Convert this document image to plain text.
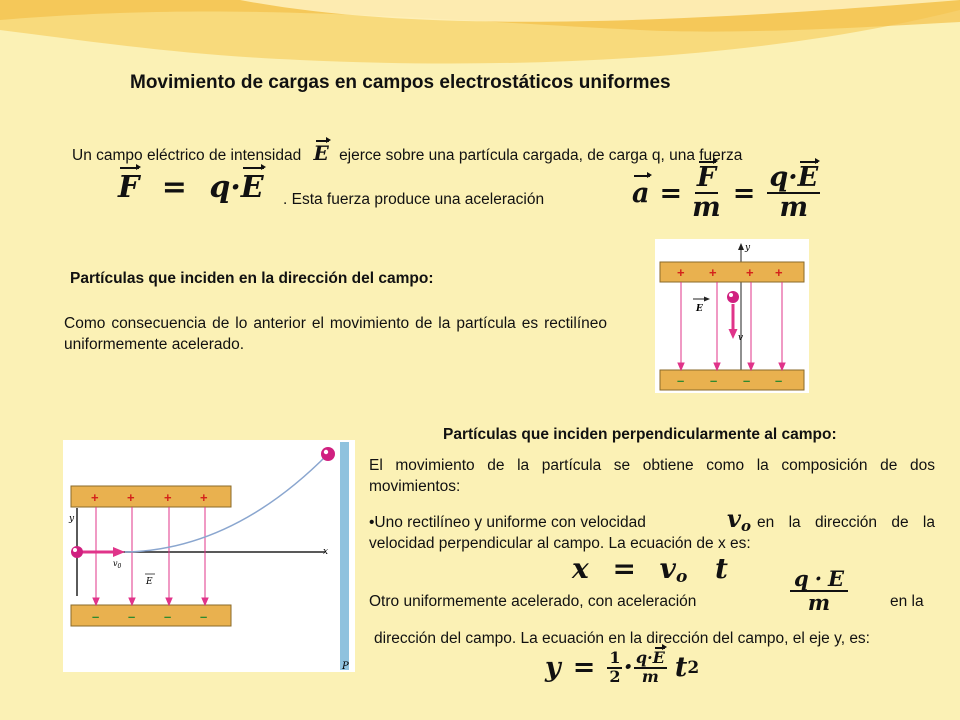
Movimiento de cargas en campos electrostáticos uniformes
Un campo eléctrico de intensidad E ejerce sobre una partícula cargada, de carga q, una fuerza
F = q·E . Esta fuerza produce una aceleración	$a = \frac{F}{m} = \frac{q\cdot E}{m}$
Partículas que inciden en la dirección del campo:
Como consecuencia de lo anterior el movimiento de la partícula es rectilíneo uniformemente acelerado.
y
+ + + +
– – – –
E
v
Partículas que inciden perpendicularmente al campo:
P
y
x
+ + + +
– – – –
$v_0$
E
El movimiento de la partícula se obtiene como la composición de dos movimientos:
•Uno rectilíneo y uniforme con velocidad	en la dirección de la velocidad perpendicular al campo. La ecuación de x es:
vo
x = vo t
Otro uniformemente acelerado, con aceleración	$\frac{q \cdot E}{m}$	en la
dirección del campo. La ecuación en la dirección del campo, el eje y, es:
$y = \frac{1}{2} \cdot \frac{q\cdot E}{m}$ t 2
